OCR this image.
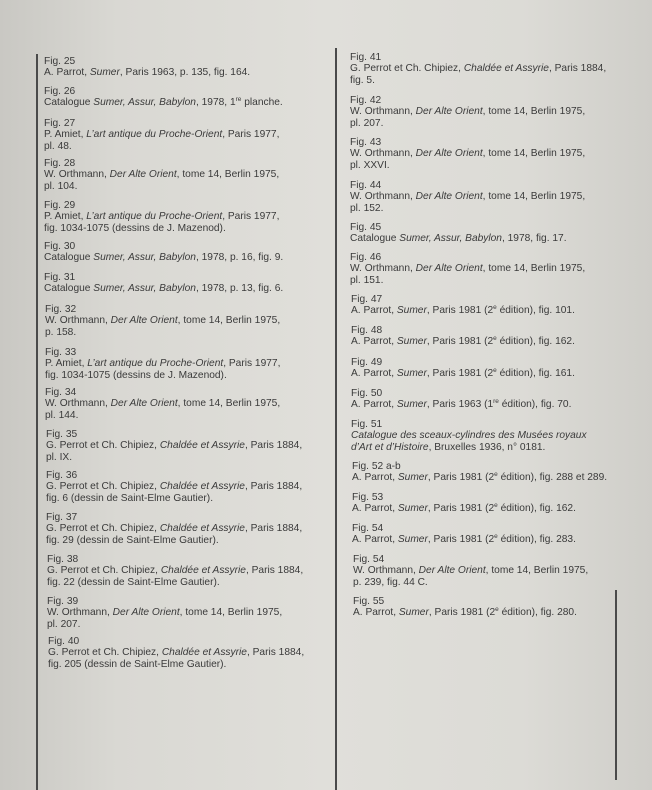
Fig. 25
A. Parrot, Sumer, Paris 1963, p. 135, fig. 164.
Fig. 26
Catalogue Sumer, Assur, Babylon, 1978, 1re planche.
Fig. 27
P. Amiet, L’art antique du Proche-Orient, Paris 1977,
pl. 48.
Fig. 28
W. Orthmann, Der Alte Orient, tome 14, Berlin 1975,
pl. 104.
Fig. 29
P. Amiet, L’art antique du Proche-Orient, Paris 1977,
fig. 1034-1075 (dessins de J. Mazenod).
Fig. 30
Catalogue Sumer, Assur, Babylon, 1978, p. 16, fig. 9.
Fig. 31
Catalogue Sumer, Assur, Babylon, 1978, p. 13, fig. 6.
Fig. 32
W. Orthmann, Der Alte Orient, tome 14, Berlin 1975,
p. 158.
Fig. 33
P. Amiet, L’art antique du Proche-Orient, Paris 1977,
fig. 1034-1075 (dessins de J. Mazenod).
Fig. 34
W. Orthmann, Der Alte Orient, tome 14, Berlin 1975,
pl. 144.
Fig. 35
G. Perrot et Ch. Chipiez, Chaldée et Assyrie, Paris 1884,
pl. IX.
Fig. 36
G. Perrot et Ch. Chipiez, Chaldée et Assyrie, Paris 1884,
fig. 6 (dessin de Saint-Elme Gautier).
Fig. 37
G. Perrot et Ch. Chipiez, Chaldée et Assyrie, Paris 1884,
fig. 29 (dessin de Saint-Elme Gautier).
Fig. 38
G. Perrot et Ch. Chipiez, Chaldée et Assyrie, Paris 1884,
fig. 22 (dessin de Saint-Elme Gautier).
Fig. 39
W. Orthmann, Der Alte Orient, tome 14, Berlin 1975,
pl. 207.
Fig. 40
G. Perrot et Ch. Chipiez, Chaldée et Assyrie, Paris 1884,
fig. 205 (dessin de Saint-Elme Gautier).
Fig. 41
G. Perrot et Ch. Chipiez, Chaldée et Assyrie, Paris 1884,
fig. 5.
Fig. 42
W. Orthmann, Der Alte Orient, tome 14, Berlin 1975,
pl. 207.
Fig. 43
W. Orthmann, Der Alte Orient, tome 14, Berlin 1975,
pl. XXVI.
Fig. 44
W. Orthmann, Der Alte Orient, tome 14, Berlin 1975,
pl. 152.
Fig. 45
Catalogue Sumer, Assur, Babylon, 1978, fig. 17.
Fig. 46
W. Orthmann, Der Alte Orient, tome 14, Berlin 1975,
pl. 151.
Fig. 47
A. Parrot, Sumer, Paris 1981 (2e édition), fig. 101.
Fig. 48
A. Parrot, Sumer, Paris 1981 (2e édition), fig. 162.
Fig. 49
A. Parrot, Sumer, Paris 1981 (2e édition), fig. 161.
Fig. 50
A. Parrot, Sumer, Paris 1963 (1re édition), fig. 70.
Fig. 51
Catalogue des sceaux-cylindres des Musées royaux
d’Art et d’Histoire, Bruxelles 1936, n° 0181.
Fig. 52 a-b
A. Parrot, Sumer, Paris 1981 (2e édition), fig. 288 et 289.
Fig. 53
A. Parrot, Sumer, Paris 1981 (2e édition), fig. 162.
Fig. 54
A. Parrot, Sumer, Paris 1981 (2e édition), fig. 283.
Fig. 54
W. Orthmann, Der Alte Orient, tome 14, Berlin 1975,
p. 239, fig. 44 C.
Fig. 55
A. Parrot, Sumer, Paris 1981 (2e édition), fig. 280.
